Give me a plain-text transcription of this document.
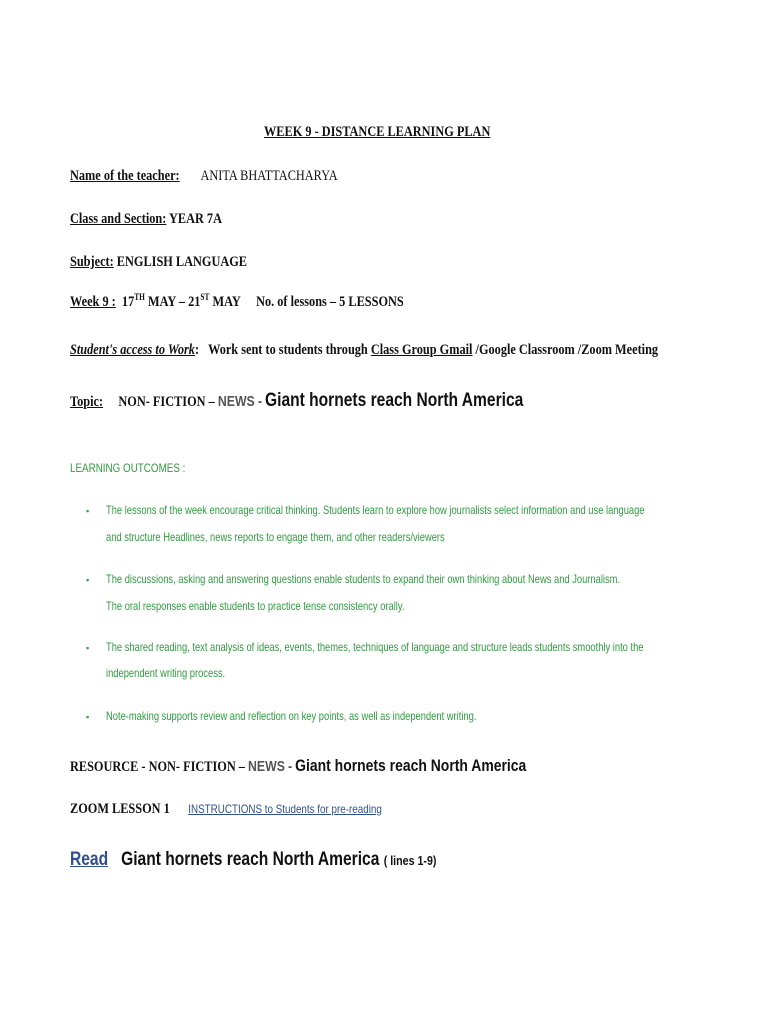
WEEK 9 - DISTANCE LEARNING PLAN
Name of the teacher: ANITA BHATTACHARYA
Class and Section: YEAR 7A
Subject: ENGLISH LANGUAGE
Week 9 : 17TH MAY – 21ST MAY No. of lessons – 5 LESSONS
Student's access to Work: Work sent to students through Class Group Gmail /Google Classroom /Zoom Meeting
Topic: NON- FICTION – NEWS - Giant hornets reach North America
LEARNING OUTCOMES :
▪ The lessons of the week encourage critical thinking. Students learn to explore how journalists select information and use language
and structure Headlines, news reports to engage them, and other readers/viewers
▪ The discussions, asking and answering questions enable students to expand their own thinking about News and Journalism.
The oral responses enable students to practice tense consistency orally.
▪ The shared reading, text analysis of ideas, events, themes, techniques of language and structure leads students smoothly into the
independent writing process.
▪ Note-making supports review and reflection on key points, as well as independent writing.
RESOURCE - NON- FICTION – NEWS - Giant hornets reach North America
ZOOM LESSON 1 INSTRUCTIONS to Students for pre-reading
Read Giant hornets reach North America ( lines 1-9)
